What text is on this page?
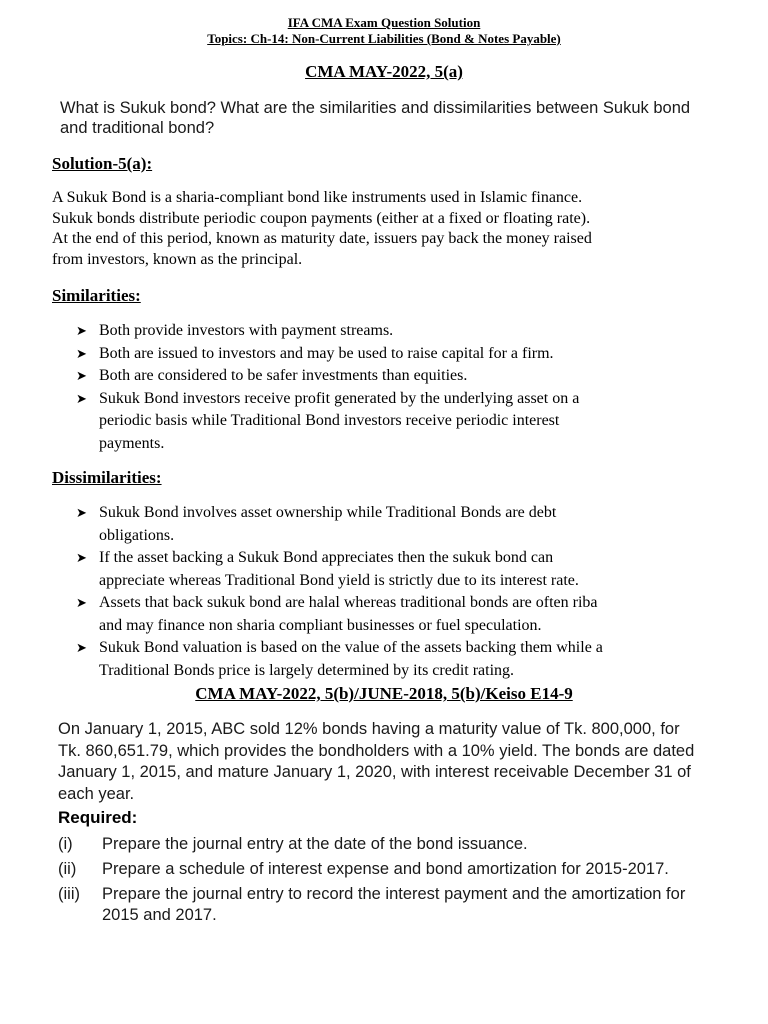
IFA CMA Exam Question Solution
Topics: Ch-14: Non-Current Liabilities (Bond & Notes Payable)
CMA MAY-2022, 5(a)
What is Sukuk bond? What are the similarities and dissimilarities between Sukuk bond
and traditional bond?
Solution-5(a):
A Sukuk Bond is a sharia-compliant bond like instruments used in Islamic finance.
Sukuk bonds distribute periodic coupon payments (either at a fixed or floating rate).
At the end of this period, known as maturity date, issuers pay back the money raised
from investors, known as the principal.
Similarities:
➤ Both provide investors with payment streams.
➤ Both are issued to investors and may be used to raise capital for a firm.
➤ Both are considered to be safer investments than equities.
➤ Sukuk Bond investors receive profit generated by the underlying asset on a
periodic basis while Traditional Bond investors receive periodic interest
payments.
Dissimilarities:
➤ Sukuk Bond involves asset ownership while Traditional Bonds are debt
obligations.
➤ If the asset backing a Sukuk Bond appreciates then the sukuk bond can
appreciate whereas Traditional Bond yield is strictly due to its interest rate.
➤ Assets that back sukuk bond are halal whereas traditional bonds are often riba
and may finance non sharia compliant businesses or fuel speculation.
➤ Sukuk Bond valuation is based on the value of the assets backing them while a
Traditional Bonds price is largely determined by its credit rating.
CMA MAY-2022, 5(b)/JUNE-2018, 5(b)/Keiso E14-9
On January 1, 2015, ABC sold 12% bonds having a maturity value of Tk. 800,000, for
Tk. 860,651.79, which provides the bondholders with a 10% yield. The bonds are dated
January 1, 2015, and mature January 1, 2020, with interest receivable December 31 of
each year.
Required:
(i) Prepare the journal entry at the date of the bond issuance.
(ii) Prepare a schedule of interest expense and bond amortization for 2015-2017.
(iii) Prepare the journal entry to record the interest payment and the amortization for
2015 and 2017.
